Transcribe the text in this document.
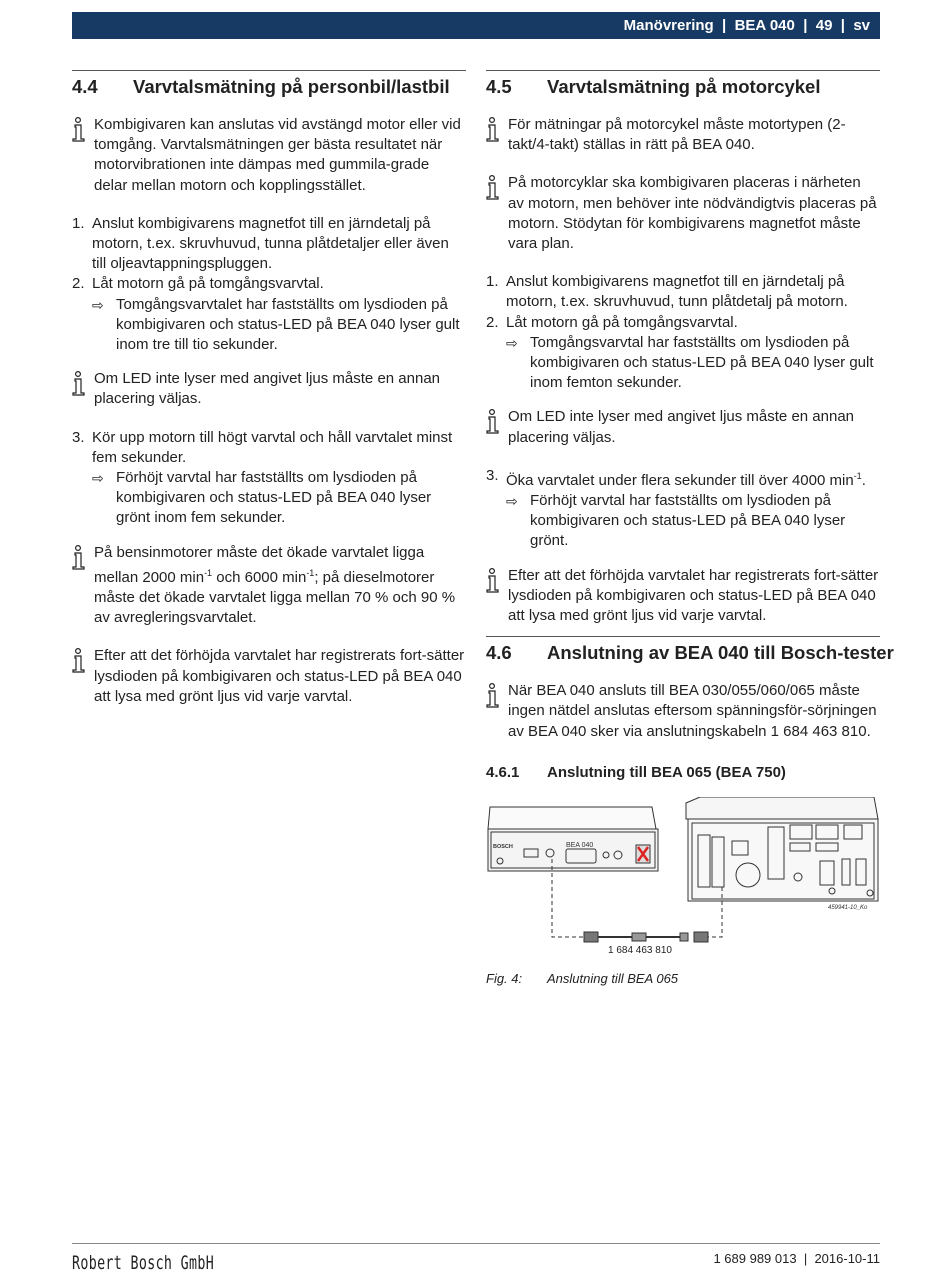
Manövrering | BEA 040 | 49 | sv
4.4	Varvtalsmätning på personbil/lastbil
Kombigivaren kan anslutas vid avstängd motor eller vid tomgång. Varvtalsmätningen ger bästa resultatet när motorvibrationen inte dämpas med gummila-grade delar mellan motorn och kopplingsstället.
1. Anslut kombigivarens magnetfot till en järndetalj på motorn, t.ex. skruvhuvud, tunna plåtdetaljer eller även till oljeavtappningspluggen.
2. Låt motorn gå på tomgångsvarvtal.
⇨ Tomgångsvarvtalet har fastställts om lysdioden på kombigivaren och status-LED på BEA 040 lyser gult inom tre till tio sekunder.
Om LED inte lyser med angivet ljus måste en annan placering väljas.
3. Kör upp motorn till högt varvtal och håll varvtalet minst fem sekunder.
⇨ Förhöjt varvtal har fastställts om lysdioden på kombigivaren och status-LED på BEA 040 lyser grönt inom fem sekunder.
På bensinmotorer måste det ökade varvtalet ligga mellan 2000 $\min^{-1}$ och 6000 $\min^{-1}$; på dieselmotorer måste det ökade varvtalet ligga mellan 70 % och 90 % av avregleringsvarvtalet.
Efter att det förhöjda varvtalet har registrerats fort-sätter lysdioden på kombigivaren och status-LED på BEA 040 att lysa med grönt ljus vid varje varvtal.
4.5	Varvtalsmätning på motorcykel
För mätningar på motorcykel måste motortypen (2-takt/4-takt) ställas in rätt på BEA 040.
På motorcyklar ska kombigivaren placeras i närheten av motorn, men behöver inte nödvändigtvis placeras på motorn. Stödytan för kombigivarens magnetfot måste vara plan.
1. Anslut kombigivarens magnetfot till en järndetalj på motorn, t.ex. skruvhuvud, tunn plåtdetalj på motorn.
2. Låt motorn gå på tomgångsvarvtal.
⇨ Tomgångsvarvtal har fastställts om lysdioden på kombigivaren och status-LED på BEA 040 lyser gult inom femton sekunder.
Om LED inte lyser med angivet ljus måste en annan placering väljas.
3. Öka varvtalet under flera sekunder till över 4000 $\min^{-1}$.
⇨ Förhöjt varvtal har fastställts om lysdioden på kombigivaren och status-LED på BEA 040 lyser grönt.
Efter att det förhöjda varvtalet har registrerats fort-sätter lysdioden på kombigivaren och status-LED på BEA 040 att lysa med grönt ljus vid varje varvtal.
4.6	Anslutning av BEA 040 till Bosch-tester
När BEA 040 ansluts till BEA 030/055/060/065 måste ingen nätdel anslutas eftersom spänningsför-sörjningen av BEA 040 sker via anslutningskabeln 1 684 463 810.
4.6.1	Anslutning till BEA 065 (BEA 750)
BOSCH	BEA 040
459941-10_Ko
1 684 463 810
Fig. 4:	Anslutning till BEA 065
Robert Bosch GmbH	1 689 989 013 | 2016-10-11
